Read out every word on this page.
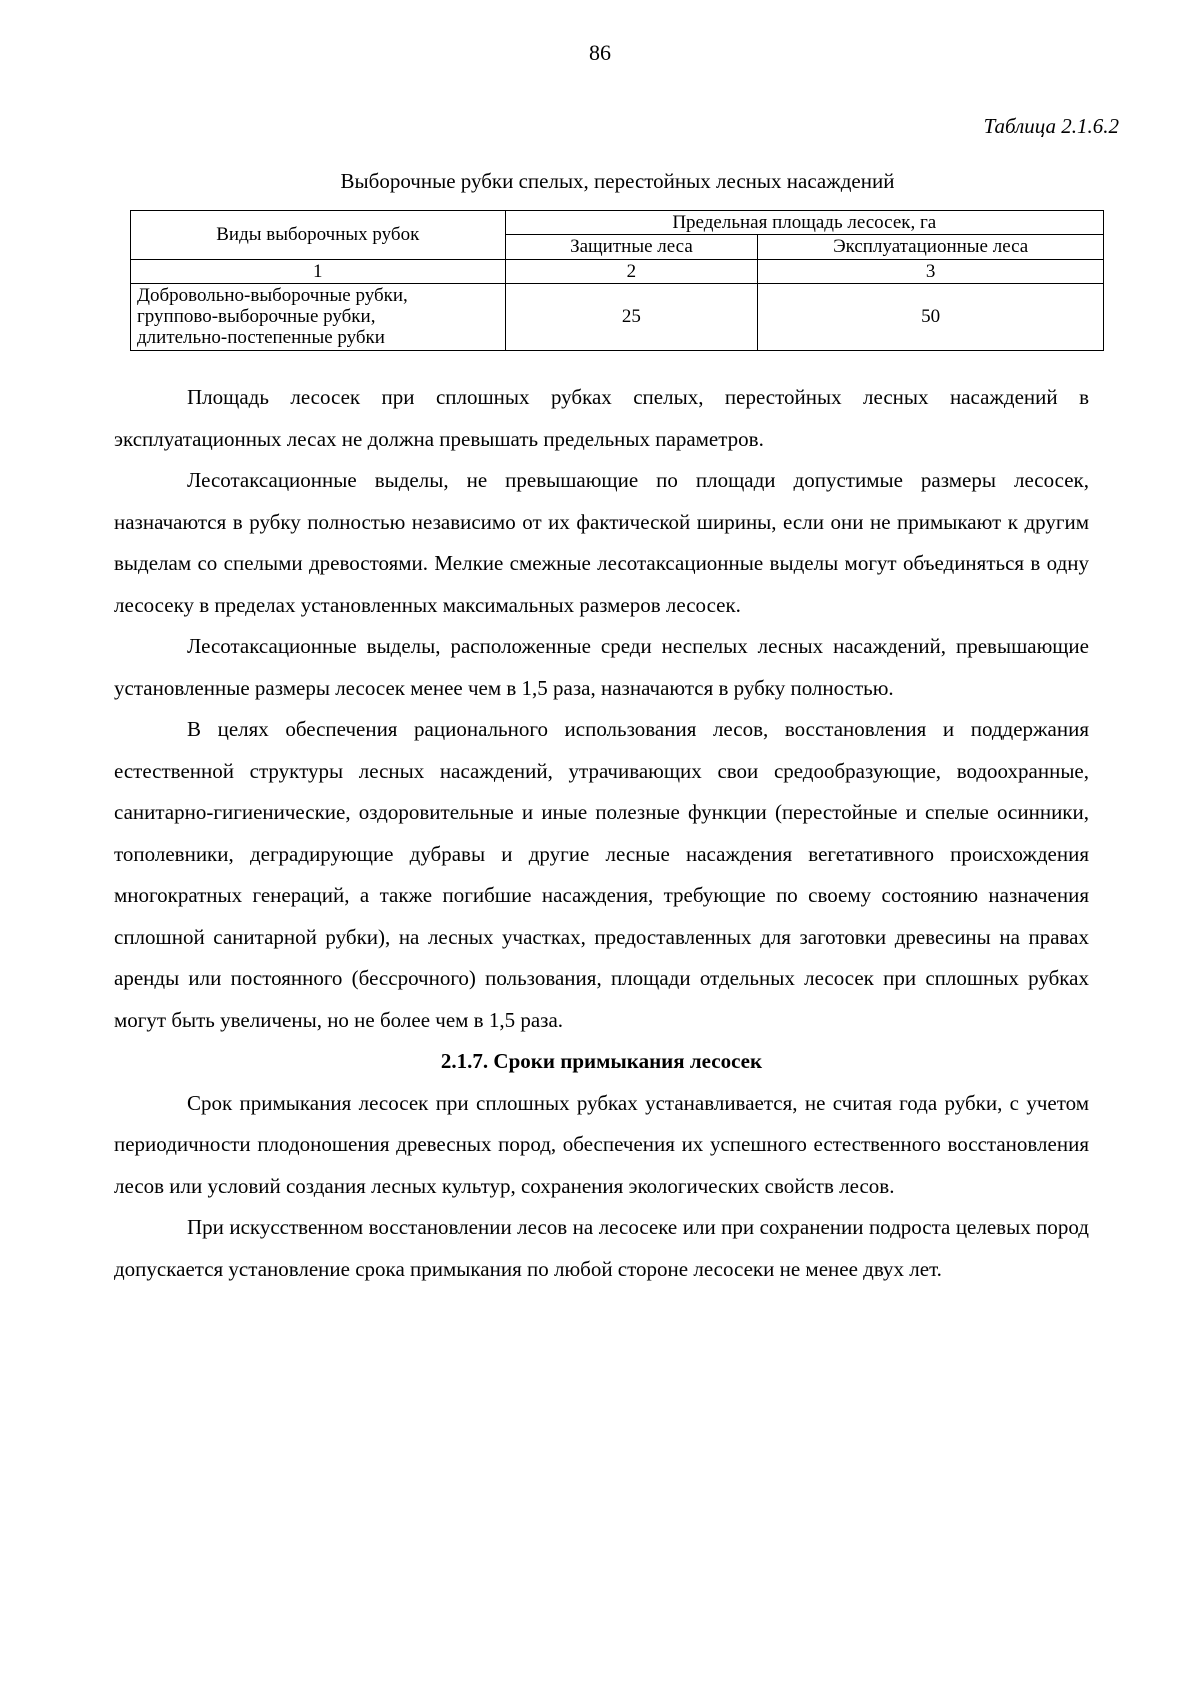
86
Таблица 2.1.6.2
Выборочные рубки спелых, перестойных лесных насаждений
Виды выборочных рубок	Предельная площадь лесосек, га	
	Защитные леса	Эксплуатационные леса
1	2	3

Добровольно-выборочные рубки,
группово-выборочные рубки,
длительно-постепенные рубки	25	50

Площадь лесосек при сплошных рубках спелых, перестойных лесных насаждений в эксплуатационных лесах не должна превышать предельных параметров.

Лесотаксационные выделы, не превышающие по площади допустимые размеры лесосек, назначаются в рубку полностью независимо от их фактической ширины, если они не примыкают к другим выделам со спелыми древостоями. Мелкие смежные лесотаксационные выделы могут объединяться в одну лесосеку в пределах установленных максимальных размеров лесосек.

Лесотаксационные выделы, расположенные среди неспелых лесных насаждений, превышающие установленные размеры лесосек менее чем в 1,5 раза, назначаются в рубку полностью.

В целях обеспечения рационального использования лесов, восстановления и поддержания естественной структуры лесных насаждений, утрачивающих свои средообразующие, водоохранные, санитарно-гигиенические, оздоровительные и иные полезные функции (перестойные и спелые осинники, тополевники, деградирующие дубравы и другие лесные насаждения вегетативного происхождения многократных генераций, а также погибшие насаждения, требующие по своему состоянию назначения сплошной санитарной рубки), на лесных участках, предоставленных для заготовки древесины на правах аренды или постоянного (бессрочного) пользования, площади отдельных лесосек при сплошных рубках могут быть увеличены, но не более чем в 1,5 раза.

2.1.7. Сроки примыкания лесосек

Срок примыкания лесосек при сплошных рубках устанавливается, не считая года рубки, с учетом периодичности плодоношения древесных пород, обеспечения их успешного естественного восстановления лесов или условий создания лесных культур, сохранения экологических свойств лесов.

При искусственном восстановлении лесов на лесосеке или при сохранении подроста целевых пород допускается установление срока примыкания по любой стороне лесосеки не менее двух лет.
